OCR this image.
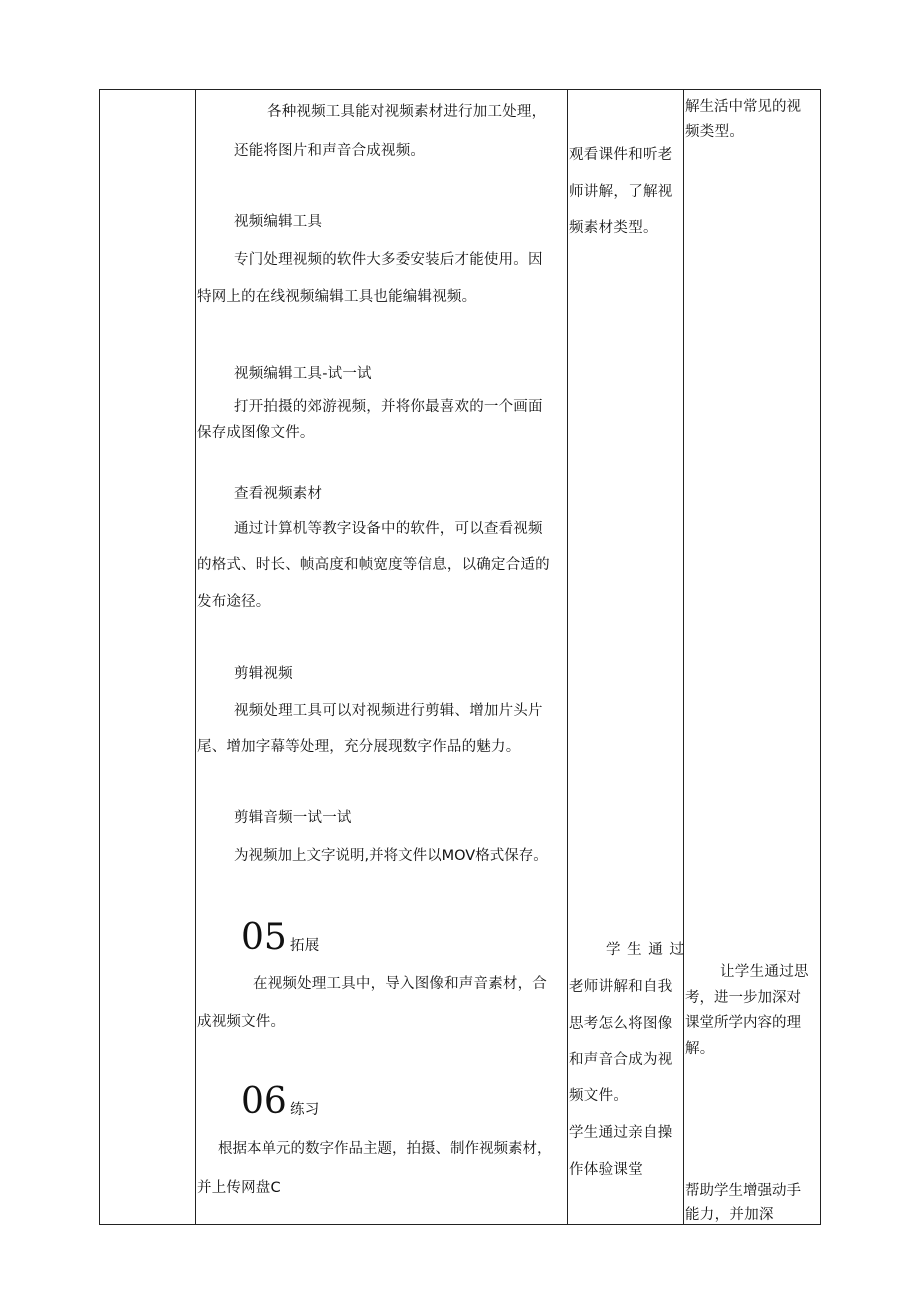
各种视频工具能对视频素材进行加工处理，
还能将图片和声音合成视频。
视频编辑工具
专门处理视频的软件大多委安装后才能使用。因
特网上的在线视频编辑工具也能编辑视频。
视频编辑工具-试一试
打开拍摄的郊游视频，并将你最喜欢的一个画面
保存成图像文件。
查看视频素材
通过计算机等教字设备中的软件，可以查看视频
的格式、时长、帧高度和帧宽度等信息，以确定合适的
发布途径。
剪辑视频
视频处理工具可以对视频进行剪辑、增加片头片
尾、增加字幕等处理，充分展现数字作品的魅力。
剪辑音频一试一试
为视频加上文字说明,并将文件以MOV格式保存。
05 拓展
在视频处理工具中，导入图像和声音素材，合
成视频文件。
06 练习
根据本单元的数字作品主题，拍摄、制作视频素材，
并上传网盘C
观看课件和听老
师讲解，了解视
频素材类型。
学 生 通 过
老师讲解和自我
思考怎么将图像
和声音合成为视
频文件。
学生通过亲自操
作体验课堂
解生活中常见的视
频类型。
让学生通过思
考，进一步加深对
课堂所学内容的理
解。
帮助学生增强动手
能力，并加深
